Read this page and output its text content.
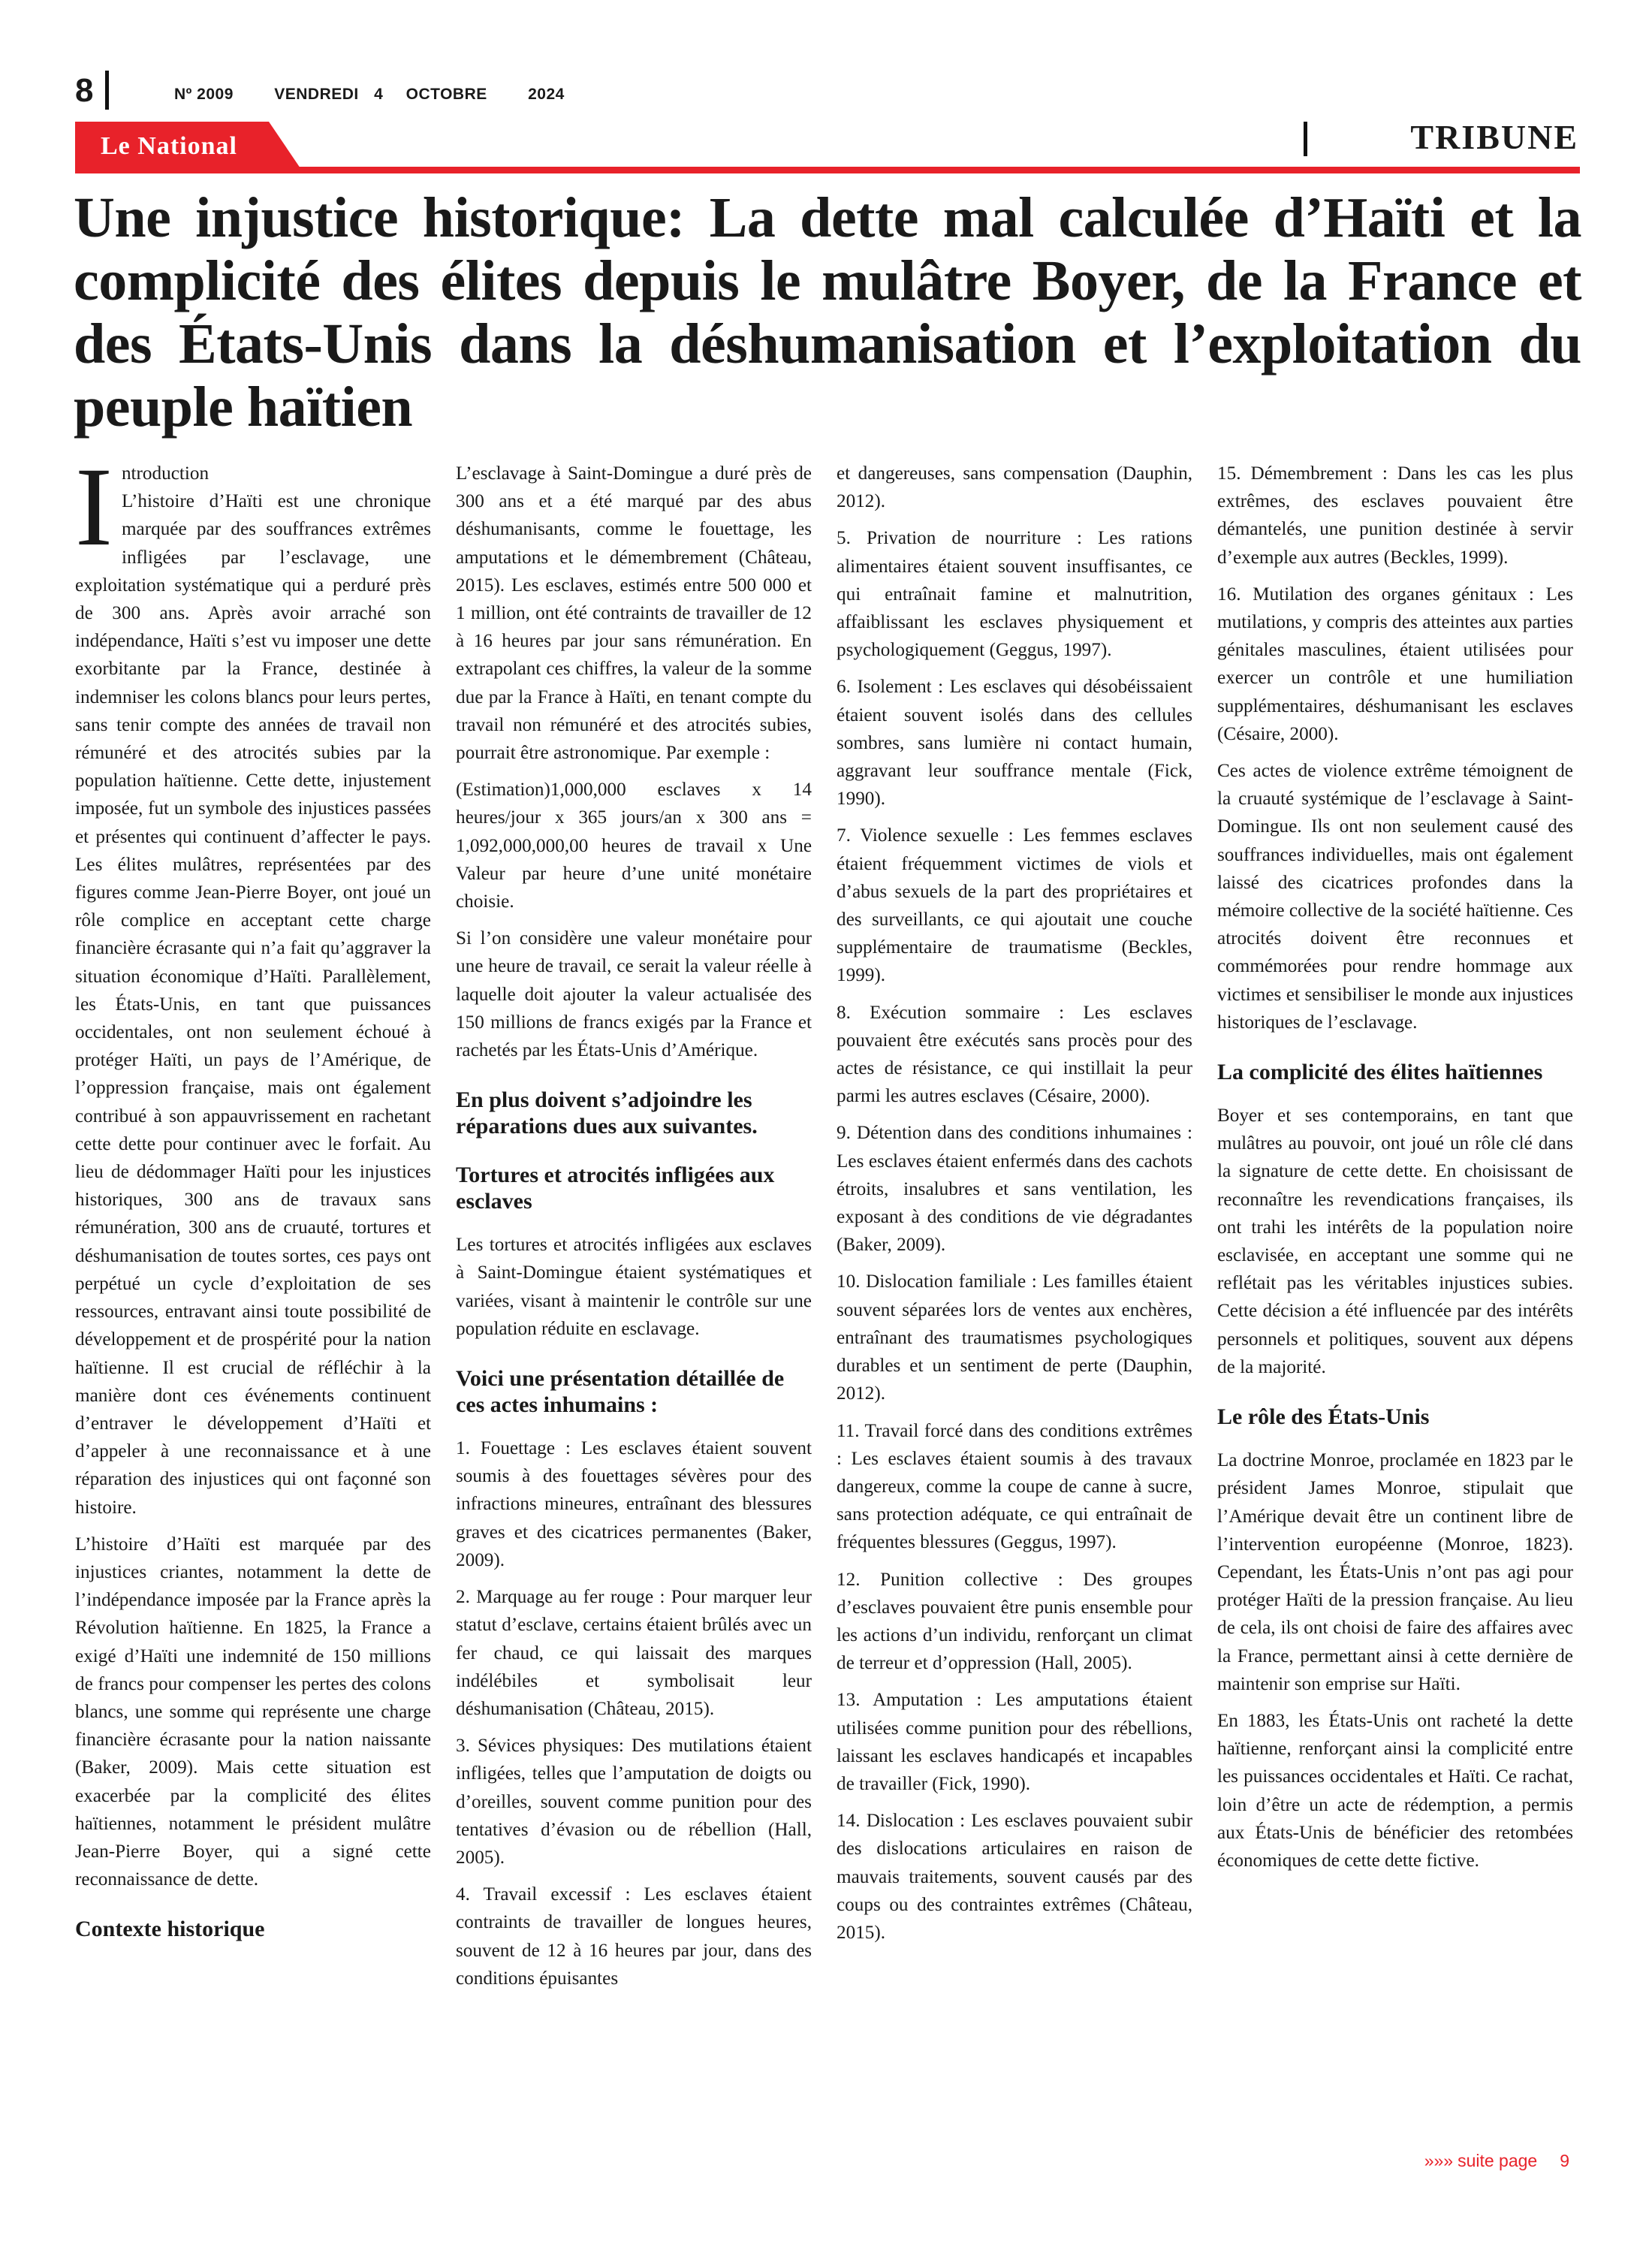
8	Nº 2009	VENDREDI 4 OCTOBRE	2024
Le National	TRIBUNE
Une injustice historique: La dette mal calculée d’Haïti et la complicité des élites depuis le mulâtre Boyer, de la France et des États-Unis dans la déshumanisation et l’exploitation du peuple haïtien
I ntroduction

L’histoire d’Haïti est une chronique marquée par des souffrances extrêmes infligées par l’esclavage, une exploitation systématique qui a perduré près de 300 ans. Après avoir arraché son indépendance, Haïti s’est vu imposer une dette exorbitante par la France, destinée à indemniser les colons blancs pour leurs pertes, sans tenir compte des années de travail non rémunéré et des atrocités subies par la population haïtienne. Cette dette, injustement imposée, fut un symbole des injustices passées et présentes qui continuent d’affecter le pays. Les élites mulâtres, représentées par des figures comme Jean-Pierre Boyer, ont joué un rôle complice en acceptant cette charge financière écrasante qui n’a fait qu’aggraver la situation économique d’Haïti. Parallèlement, les États-Unis, en tant que puissances occidentales, ont non seulement échoué à protéger Haïti, un pays de l’Amérique, de l’oppression française, mais ont également contribué à son appauvrissement en rachetant cette dette pour continuer avec le forfait. Au lieu de dédommager Haïti pour les injustices historiques, 300 ans de travaux sans rémunération, 300 ans de cruauté, tortures et déshumanisation de toutes sortes, ces pays ont perpétué un cycle d’exploitation de ses ressources, entravant ainsi toute possibilité de développement et de prospérité pour la nation haïtienne. Il est crucial de réfléchir à la manière dont ces événements continuent d’entraver le développement d’Haïti et d’appeler à une reconnaissance et à une réparation des injustices qui ont façonné son histoire.

L’histoire d’Haïti est marquée par des injustices criantes, notamment la dette de l’indépendance imposée par la France après la Révolution haïtienne. En 1825, la France a exigé d’Haïti une indemnité de 150 millions de francs pour compenser les pertes des colons blancs, une somme qui représente une charge financière écrasante pour la nation naissante (Baker, 2009). Mais cette situation est exacerbée par la complicité des élites haïtiennes, notamment le président mulâtre Jean-Pierre Boyer, qui a signé cette reconnaissance de dette.

Contexte historique

L’esclavage à Saint-Domingue a duré près de 300 ans et a été marqué par des abus déshumanisants, comme le fouettage, les amputations et le démembrement (Château, 2015). Les esclaves, estimés entre 500 000 et 1 million, ont été contraints de travailler de 12 à 16 heures par jour sans rémunération. En extrapolant ces chiffres, la valeur de la somme due par la France à Haïti, en tenant compte du travail non rémunéré et des atrocités subies, pourrait être astronomique. Par exemple :

(Estimation)1,000,000 esclaves x 14 heures/jour x 365 jours/an x 300 ans = 1,092,000,000,00 heures de travail x Une Valeur par heure d’une unité monétaire choisie.

Si l’on considère une valeur monétaire pour une heure de travail, ce serait la valeur réelle à laquelle doit ajouter la valeur actualisée des 150 millions de francs exigés par la France et rachetés par les États-Unis d’Amérique.

En plus doivent s’adjoindre les réparations dues aux suivantes.
Tortures et atrocités infligées aux esclaves

Les tortures et atrocités infligées aux esclaves à Saint-Domingue étaient systématiques et variées, visant à maintenir le contrôle sur une population réduite en esclavage.

Voici une présentation détaillée de ces actes inhumains :

1. Fouettage : Les esclaves étaient souvent soumis à des fouettages sévères pour des infractions mineures, entraînant des blessures graves et des cicatrices permanentes (Baker, 2009).

2. Marquage au fer rouge : Pour marquer leur statut d’esclave, certains étaient brûlés avec un fer chaud, ce qui laissait des marques indélébiles et symbolisait leur déshumanisation (Château, 2015).

3. Sévices physiques: Des mutilations étaient infligées, telles que l’amputation de doigts ou d’oreilles, souvent comme punition pour des tentatives d’évasion ou de rébellion (Hall, 2005).

4. Travail excessif : Les esclaves étaient contraints de travailler de longues heures, souvent de 12 à 16 heures par jour, dans des conditions épuisantes

et dangereuses, sans compensation (Dauphin, 2012).

5. Privation de nourriture : Les rations alimentaires étaient souvent insuffisantes, ce qui entraînait famine et malnutrition, affaiblissant les esclaves physiquement et psychologiquement (Geggus, 1997).

6. Isolement : Les esclaves qui désobéissaient étaient souvent isolés dans des cellules sombres, sans lumière ni contact humain, aggravant leur souffrance mentale (Fick, 1990).

7. Violence sexuelle : Les femmes esclaves étaient fréquemment victimes de viols et d’abus sexuels de la part des propriétaires et des surveillants, ce qui ajoutait une couche supplémentaire de traumatisme (Beckles, 1999).

8. Exécution sommaire : Les esclaves pouvaient être exécutés sans procès pour des actes de résistance, ce qui instillait la peur parmi les autres esclaves (Césaire, 2000).

9. Détention dans des conditions inhumaines : Les esclaves étaient enfermés dans des cachots étroits, insalubres et sans ventilation, les exposant à des conditions de vie dégradantes (Baker, 2009).

10. Dislocation familiale : Les familles étaient souvent séparées lors de ventes aux enchères, entraînant des traumatismes psychologiques durables et un sentiment de perte (Dauphin, 2012).

11. Travail forcé dans des conditions extrêmes : Les esclaves étaient soumis à des travaux dangereux, comme la coupe de canne à sucre, sans protection adéquate, ce qui entraînait de fréquentes blessures (Geggus, 1997).

12. Punition collective : Des groupes d’esclaves pouvaient être punis ensemble pour les actions d’un individu, renforçant un climat de terreur et d’oppression (Hall, 2005).

13. Amputation : Les amputations étaient utilisées comme punition pour des rébellions, laissant les esclaves handicapés et incapables de travailler (Fick, 1990).

14. Dislocation : Les esclaves pouvaient subir des dislocations articulaires en raison de mauvais traitements, souvent causés par des coups ou des contraintes extrêmes (Château, 2015).

15. Démembrement : Dans les cas les plus extrêmes, des esclaves pouvaient être démantelés, une punition destinée à servir d’exemple aux autres (Beckles, 1999).

16. Mutilation des organes génitaux : Les mutilations, y compris des atteintes aux parties génitales masculines, étaient utilisées pour exercer un contrôle et une humiliation supplémentaires, déshumanisant les esclaves (Césaire, 2000).

Ces actes de violence extrême témoignent de la cruauté systémique de l’esclavage à Saint-Domingue. Ils ont non seulement causé des souffrances individuelles, mais ont également laissé des cicatrices profondes dans la mémoire collective de la société haïtienne. Ces atrocités doivent être reconnues et commémorées pour rendre hommage aux victimes et sensibiliser le monde aux injustices historiques de l’esclavage.

La complicité des élites haïtiennes

Boyer et ses contemporains, en tant que mulâtres au pouvoir, ont joué un rôle clé dans la signature de cette dette. En choisissant de reconnaître les revendications françaises, ils ont trahi les intérêts de la population noire esclavisée, en acceptant une somme qui ne reflétait pas les véritables injustices subies. Cette décision a été influencée par des intérêts personnels et politiques, souvent aux dépens de la majorité.

Le rôle des États-Unis

La doctrine Monroe, proclamée en 1823 par le président James Monroe, stipulait que l’Amérique devait être un continent libre de l’intervention européenne (Monroe, 1823). Cependant, les États-Unis n’ont pas agi pour protéger Haïti de la pression française. Au lieu de cela, ils ont choisi de faire des affaires avec la France, permettant ainsi à cette dernière de maintenir son emprise sur Haïti.

En 1883, les États-Unis ont racheté la dette haïtienne, renforçant ainsi la complicité entre les puissances occidentales et Haïti. Ce rachat, loin d’être un acte de rédemption, a permis aux États-Unis de bénéficier des retombées économiques de cette dette fictive.

»»» suite page 9
